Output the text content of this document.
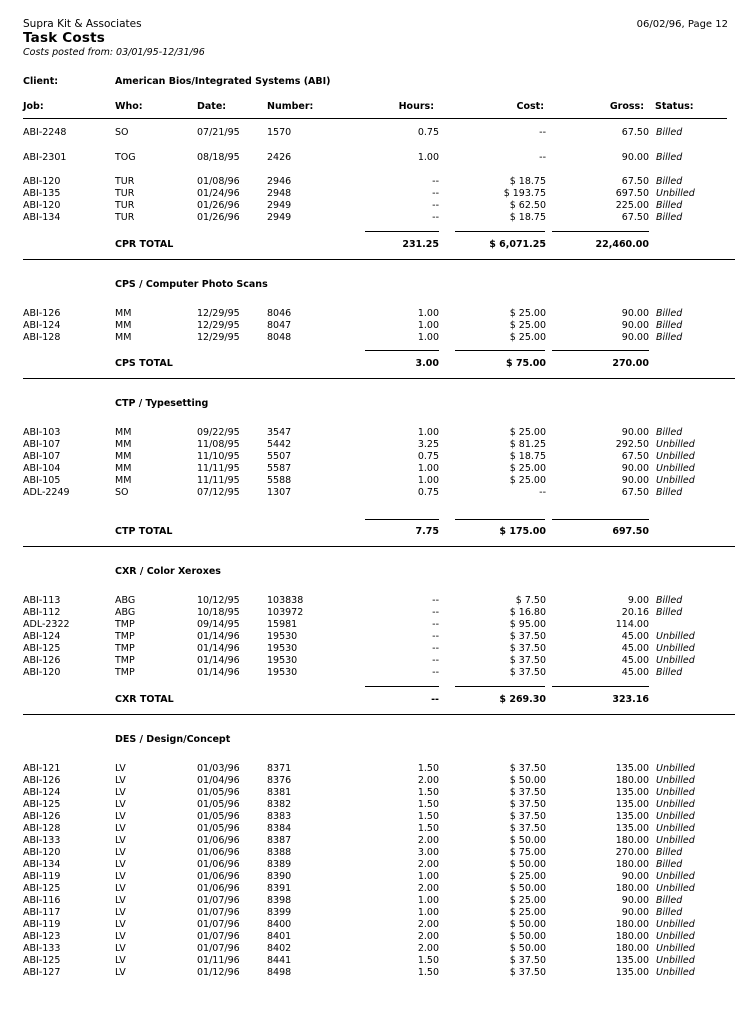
Supra Kit & Associates	06/02/96, Page 12
Task Costs
Costs posted from: 03/01/95-12/31/96
Client:	American Bios/Integrated Systems (ABI)
Job:	Who:	Date:	Number:	Hours:	Cost:	Gross: Status:
ABI-2248	SO	07/21/95	1570	0.75	--	67.50 Billed
ABI-2301	TOG	08/18/95	2426	1.00	--	90.00 Billed
ABI-120	TUR	01/08/96	2946	--	$ 18.75	67.50 Billed
ABI-135	TUR	01/24/96	2948	--	$ 193.75	697.50 Unbilled
ABI-120	TUR	01/26/96	2949	--	$ 62.50	225.00 Billed
ABI-134	TUR	01/26/96	2949	--	$ 18.75	67.50 Billed
CPR TOTAL	231.25	$ 6,071.25	22,460.00
CPS / Computer Photo Scans
ABI-126	MM	12/29/95	8046	1.00	$ 25.00	90.00 Billed
ABI-124	MM	12/29/95	8047	1.00	$ 25.00	90.00 Billed
ABI-128	MM	12/29/95	8048	1.00	$ 25.00	90.00 Billed
CPS TOTAL	3.00	$ 75.00	270.00
CTP / Typesetting
ABI-103	MM	09/22/95	3547	1.00	$ 25.00	90.00 Billed
ABI-107	MM	11/08/95	5442	3.25	$ 81.25	292.50 Unbilled
ABI-107	MM	11/10/95	5507	0.75	$ 18.75	67.50 Unbilled
ABI-104	MM	11/11/95	5587	1.00	$ 25.00	90.00 Unbilled
ABI-105	MM	11/11/95	5588	1.00	$ 25.00	90.00 Unbilled
ADL-2249	SO	07/12/95	1307	0.75	--	67.50 Billed
CTP TOTAL	7.75	$ 175.00	697.50
CXR / Color Xeroxes
ABI-113	ABG	10/12/95	103838	--	$ 7.50	9.00 Billed
ABI-112	ABG	10/18/95	103972	--	$ 16.80	20.16 Billed
ADL-2322	TMP	09/14/95	15981	--	$ 95.00	114.00
ABI-124	TMP	01/14/96	19530	--	$ 37.50	45.00 Unbilled
ABI-125	TMP	01/14/96	19530	--	$ 37.50	45.00 Unbilled
ABI-126	TMP	01/14/96	19530	--	$ 37.50	45.00 Unbilled
ABI-120	TMP	01/14/96	19530	--	$ 37.50	45.00 Billed
CXR TOTAL	--	$ 269.30	323.16
DES / Design/Concept
ABI-121	LV	01/03/96	8371	1.50	$ 37.50	135.00 Unbilled
ABI-126	LV	01/04/96	8376	2.00	$ 50.00	180.00 Unbilled
ABI-124	LV	01/05/96	8381	1.50	$ 37.50	135.00 Unbilled
ABI-125	LV	01/05/96	8382	1.50	$ 37.50	135.00 Unbilled
ABI-126	LV	01/05/96	8383	1.50	$ 37.50	135.00 Unbilled
ABI-128	LV	01/05/96	8384	1.50	$ 37.50	135.00 Unbilled
ABI-133	LV	01/06/96	8387	2.00	$ 50.00	180.00 Unbilled
ABI-120	LV	01/06/96	8388	3.00	$ 75.00	270.00 Billed
ABI-134	LV	01/06/96	8389	2.00	$ 50.00	180.00 Billed
ABI-119	LV	01/06/96	8390	1.00	$ 25.00	90.00 Unbilled
ABI-125	LV	01/06/96	8391	2.00	$ 50.00	180.00 Unbilled
ABI-116	LV	01/07/96	8398	1.00	$ 25.00	90.00 Billed
ABI-117	LV	01/07/96	8399	1.00	$ 25.00	90.00 Billed
ABI-119	LV	01/07/96	8400	2.00	$ 50.00	180.00 Unbilled
ABI-123	LV	01/07/96	8401	2.00	$ 50.00	180.00 Unbilled
ABI-133	LV	01/07/96	8402	2.00	$ 50.00	180.00 Unbilled
ABI-125	LV	01/11/96	8441	1.50	$ 37.50	135.00 Unbilled
ABI-127	LV	01/12/96	8498	1.50	$ 37.50	135.00 Unbilled
